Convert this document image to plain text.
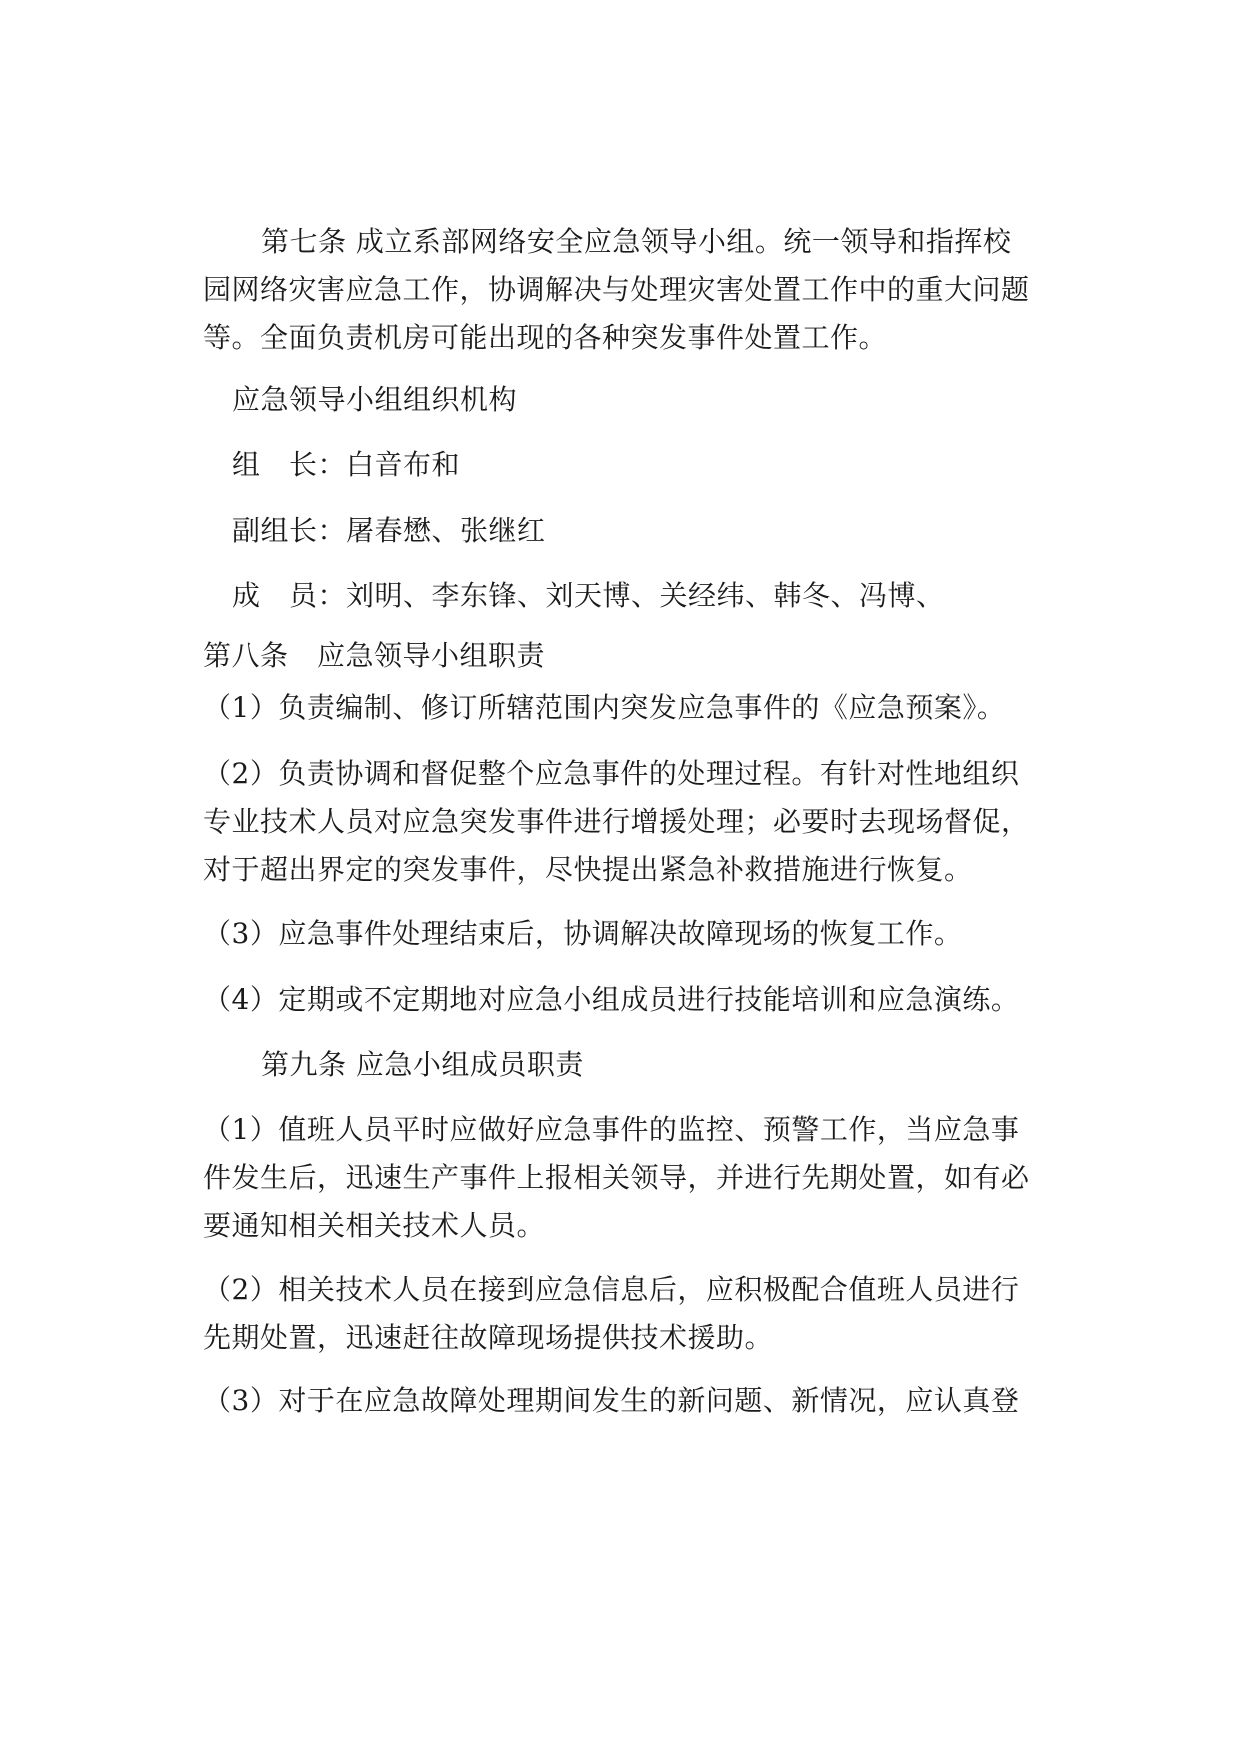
第七条 成立系部网络安全应急领导小组。统一领导和指挥校
园网络灾害应急工作，协调解决与处理灾害处置工作中的重大问题
等。全面负责机房可能出现的各种突发事件处置工作。
应急领导小组组织机构
组　长：白音布和
副组长：屠春懋、张继红
成　员：刘明、李东锋、刘天博、关经纬、韩冬、冯博、
第八条　应急领导小组职责
（1）负责编制、修订所辖范围内突发应急事件的《应急预案》。
（2）负责协调和督促整个应急事件的处理过程。有针对性地组织
专业技术人员对应急突发事件进行增援处理；必要时去现场督促，
对于超出界定的突发事件，尽快提出紧急补救措施进行恢复。
（3）应急事件处理结束后，协调解决故障现场的恢复工作。
（4）定期或不定期地对应急小组成员进行技能培训和应急演练。
第九条 应急小组成员职责
（1）值班人员平时应做好应急事件的监控、预警工作，当应急事
件发生后，迅速生产事件上报相关领导，并进行先期处置，如有必
要通知相关相关技术人员。
（2）相关技术人员在接到应急信息后，应积极配合值班人员进行
先期处置，迅速赶往故障现场提供技术援助。
（3）对于在应急故障处理期间发生的新问题、新情况，应认真登
